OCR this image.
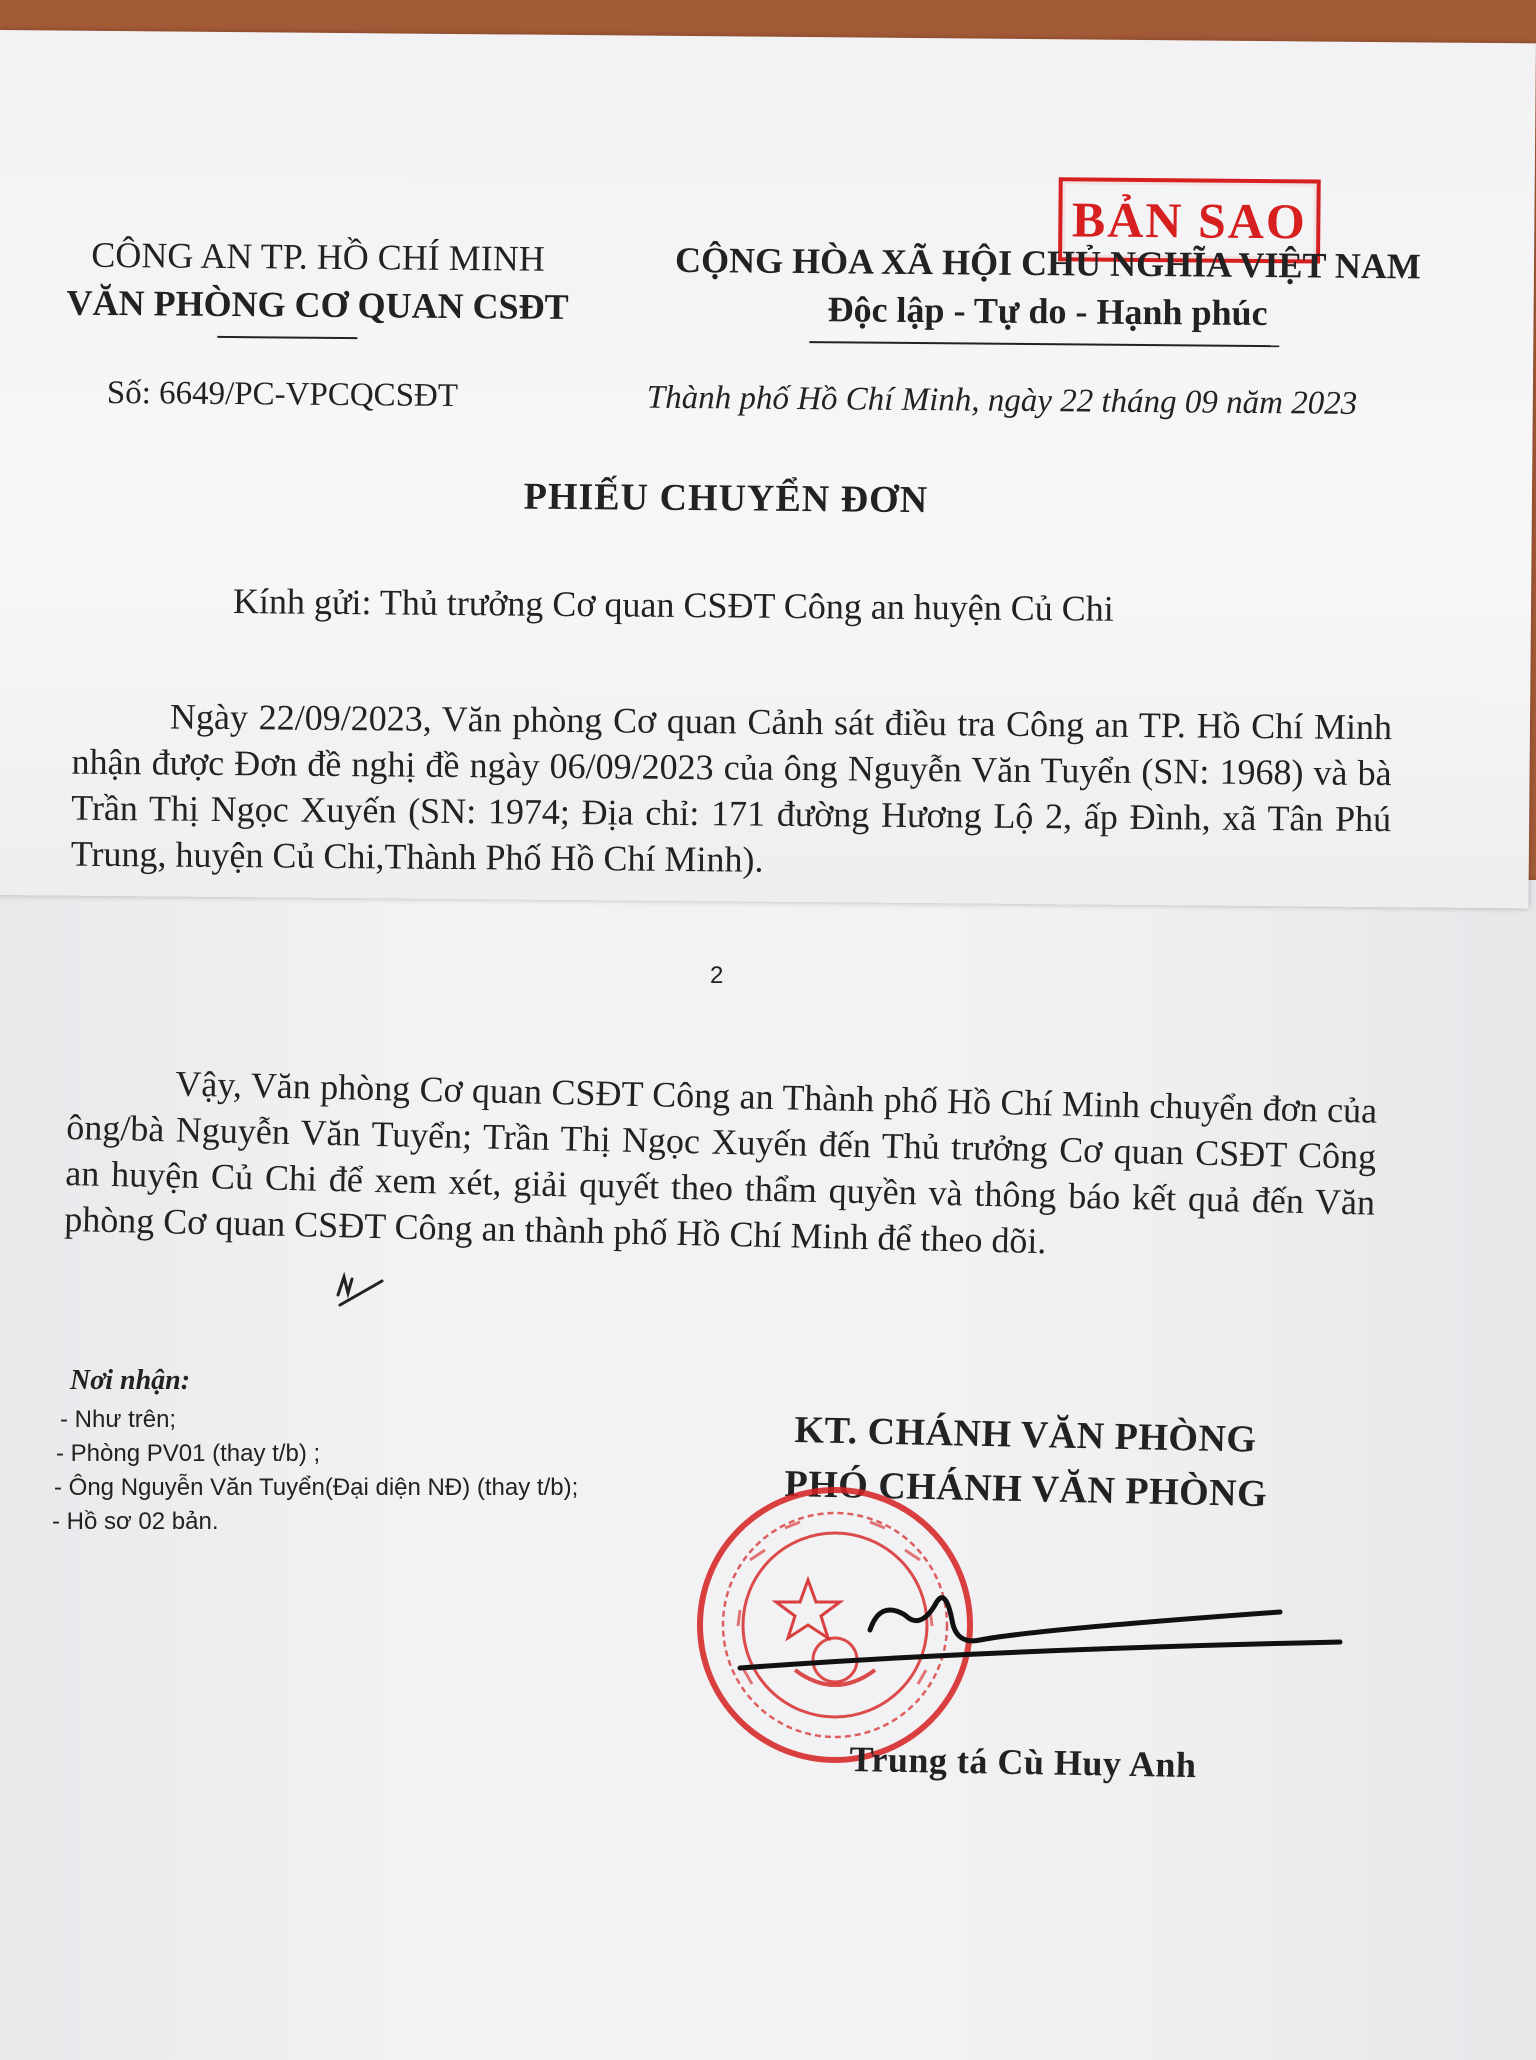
BẢN SAO
CÔNG AN TP. HỒ CHÍ MINH
VĂN PHÒNG CƠ QUAN CSĐT
CỘNG HÒA XÃ HỘI CHỦ NGHĨA VIỆT NAM
Độc lập - Tự do - Hạnh phúc
Số: 6649/PC-VPCQCSĐT	Thành phố Hồ Chí Minh, ngày 22 tháng 09 năm 2023
PHIẾU CHUYỂN ĐƠN
Kính gửi: Thủ trưởng Cơ quan CSĐT Công an huyện Củ Chi
Ngày 22/09/2023, Văn phòng Cơ quan Cảnh sát điều tra Công an TP. Hồ Chí Minh nhận được Đơn đề nghị đề ngày 06/09/2023 của ông Nguyễn Văn Tuyển (SN: 1968) và bà Trần Thị Ngọc Xuyến (SN: 1974; Địa chỉ: 171 đường Hương Lộ 2, ấp Đình, xã Tân Phú Trung, huyện Củ Chi,Thành Phố Hồ Chí Minh).
2
Vậy, Văn phòng Cơ quan CSĐT Công an Thành phố Hồ Chí Minh chuyển đơn của ông/bà Nguyễn Văn Tuyển; Trần Thị Ngọc Xuyến đến Thủ trưởng Cơ quan CSĐT Công an huyện Củ Chi để xem xét, giải quyết theo thẩm quyền và thông báo kết quả đến Văn phòng Cơ quan CSĐT Công an thành phố Hồ Chí Minh để theo dõi.
Nơi nhận:
- Như trên;
- Phòng PV01 (thay t/b) ;
- Ông Nguyễn Văn Tuyển(Đại diện NĐ) (thay t/b);
- Hồ sơ 02 bản.
KT. CHÁNH VĂN PHÒNG
PHÓ CHÁNH VĂN PHÒNG
Trung tá Cù Huy Anh
